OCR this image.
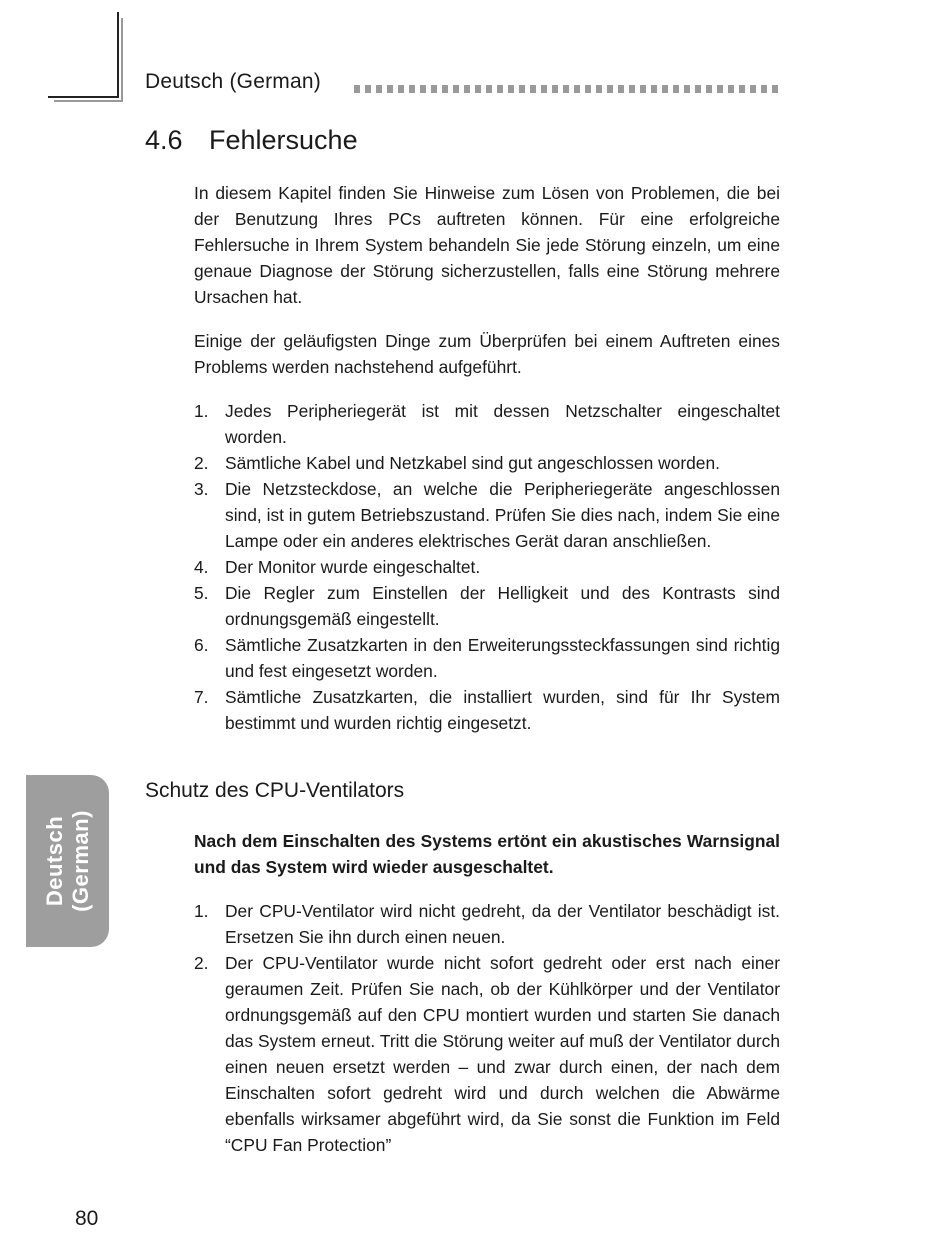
Deutsch (German)
4.6 Fehlersuche

In diesem Kapitel finden Sie Hinweise zum Lösen von Problemen, die bei der Benutzung Ihres PCs auftreten können. Für eine erfolgreiche Fehlersuche in Ihrem System behandeln Sie jede Störung einzeln, um eine genaue Diagnose der Störung sicherzustellen, falls eine Störung mehrere Ursachen hat.

Einige der geläufigsten Dinge zum Überprüfen bei einem Auftreten eines Problems werden nachstehend aufgeführt.

1. Jedes Peripheriegerät ist mit dessen Netzschalter eingeschaltet worden.
2. Sämtliche Kabel und Netzkabel sind gut angeschlossen worden.
3. Die Netzsteckdose, an welche die Peripheriegeräte angeschlossen sind, ist in gutem Betriebszustand. Prüfen Sie dies nach, indem Sie eine Lampe oder ein anderes elektrisches Gerät daran anschließen.
4. Der Monitor wurde eingeschaltet.
5. Die Regler zum Einstellen der Helligkeit und des Kontrasts sind ordnungsgemäß eingestellt.
6. Sämtliche Zusatzkarten in den Erweiterungssteckfassungen sind richtig und fest eingesetzt worden.
7. Sämtliche Zusatzkarten, die installiert wurden, sind für Ihr System bestimmt und wurden richtig eingesetzt.
Schutz des CPU-Ventilators

Nach dem Einschalten des Systems ertönt ein akustisches Warnsignal und das System wird wieder ausgeschaltet.

1. Der CPU-Ventilator wird nicht gedreht, da der Ventilator beschädigt ist. Ersetzen Sie ihn durch einen neuen.
2. Der CPU-Ventilator wurde nicht sofort gedreht oder erst nach einer geraumen Zeit. Prüfen Sie nach, ob der Kühlkörper und der Ventilator ordnungsgemäß auf den CPU montiert wurden und starten Sie danach das System erneut. Tritt die Störung weiter auf muß der Ventilator durch einen neuen ersetzt werden – und zwar durch einen, der nach dem Einschalten sofort gedreht wird und durch welchen die Abwärme ebenfalls wirksamer abgeführt wird, da Sie sonst die Funktion im Feld “CPU Fan Protection”
Deutsch (German)
80
